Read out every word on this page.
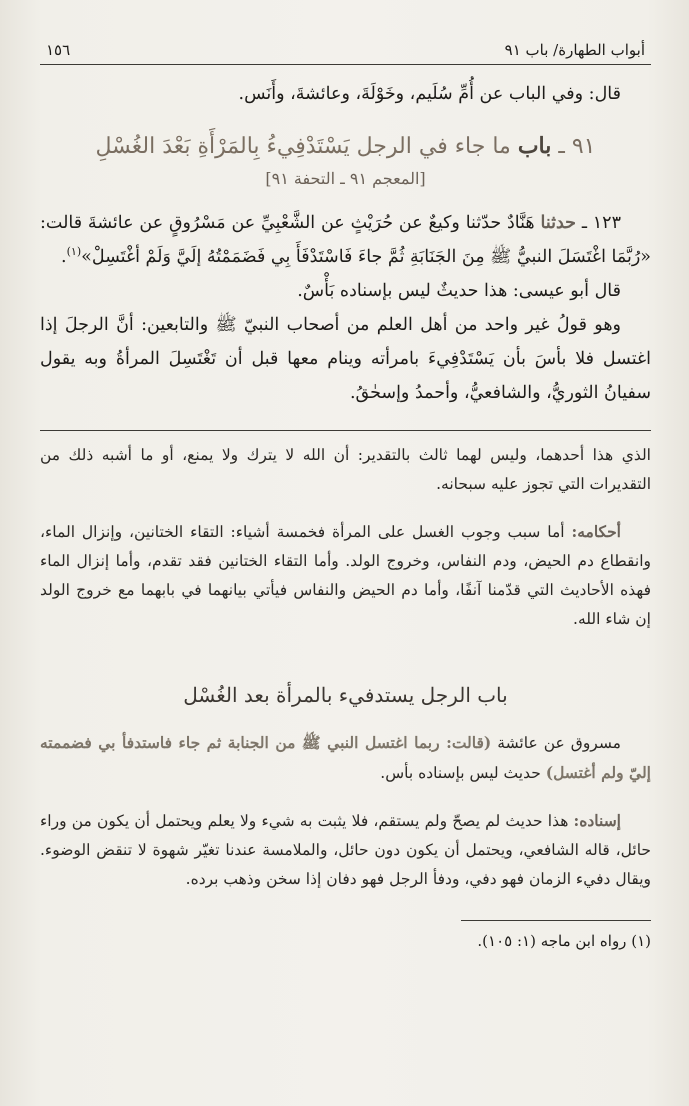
١٥٦	أبواب الطهارة/ باب ٩١

قال: وفي الباب عن أُمِّ سُلَيم، وخَوْلَةَ، وعائشةَ، وأَنَس.

٩١ ـ باب ما جاء في الرجل يَسْتَدْفِيءُ بِالمَرْأَةِ بَعْدَ الغُسْلِ
[المعجم ٩١ ـ التحفة ٩١]

١٢٣ ـ حدثنا هَنَّادٌ حدّثنا وكيعٌ عن حُرَيْثٍ عن الشَّعْبِيِّ عن مَسْرُوقٍ عن عائشةَ قالت: «رُبَّمَا اغْتَسَلَ النبيُّ ﷺ مِنَ الجَنَابَةِ ثُمَّ جاءَ فَاسْتَدْفَأَ بِي فَضَمَمْتُهُ إلَيَّ وَلَمْ أغْتَسِلْ»$^{(١)}$.

قال أبو عيسى: هذا حديثٌ ليس بإسناده بَأْسٌ.

وهو قولُ غير واحد من أهل العلم من أصحاب النبيّ ﷺ والتابعين: أنَّ الرجلَ إذا اغتسل فلا بأسَ بأن يَسْتَدْفِيءَ بامرأته وينام معها قبل أن تَغْتَسِلَ المرأةُ وبه يقول سفيانُ الثوريُّ، والشافعيُّ، وأحمدُ وإسحٰقُ.

الذي هذا أحدهما، وليس لهما ثالث بالتقدير: أن الله لا يترك ولا يمنع، أو ما أشبه ذلك من التقديرات التي تجوز عليه سبحانه.

أحكامه: أما سبب وجوب الغسل على المرأة فخمسة أشياء: التقاء الختانين، وإنزال الماء، وانقطاع دم الحيض، ودم النفاس، وخروج الولد. وأما التقاء الختانين فقد تقدم، وأما إنزال الماء فهذه الأحاديث التي قدّمنا آنفًا، وأما دم الحيض والنفاس فيأتي بيانهما في بابهما مع خروج الولد إن شاء الله.

باب الرجل يستدفيء بالمرأة بعد الغُسْل

مسروق عن عائشة (قالت: ربما اغتسل النبي ﷺ من الجنابة ثم جاء فاستدفأ بي فضممته إليّ ولم أغتسل) حديث ليس بإسناده بأس.

إسناده: هذا حديث لم يصحّ ولم يستقم، فلا يثبت به شيء ولا يعلم ويحتمل أن يكون من وراء حائل، قاله الشافعي، ويحتمل أن يكون دون حائل، والملامسة عندنا تغيّر شهوة لا تنقض الوضوء. ويقال دفيء الزمان فهو دفي، ودفأ الرجل فهو دفان إذا سخن وذهب برده.

(١) رواه ابن ماجه (١: ١٠٥).
